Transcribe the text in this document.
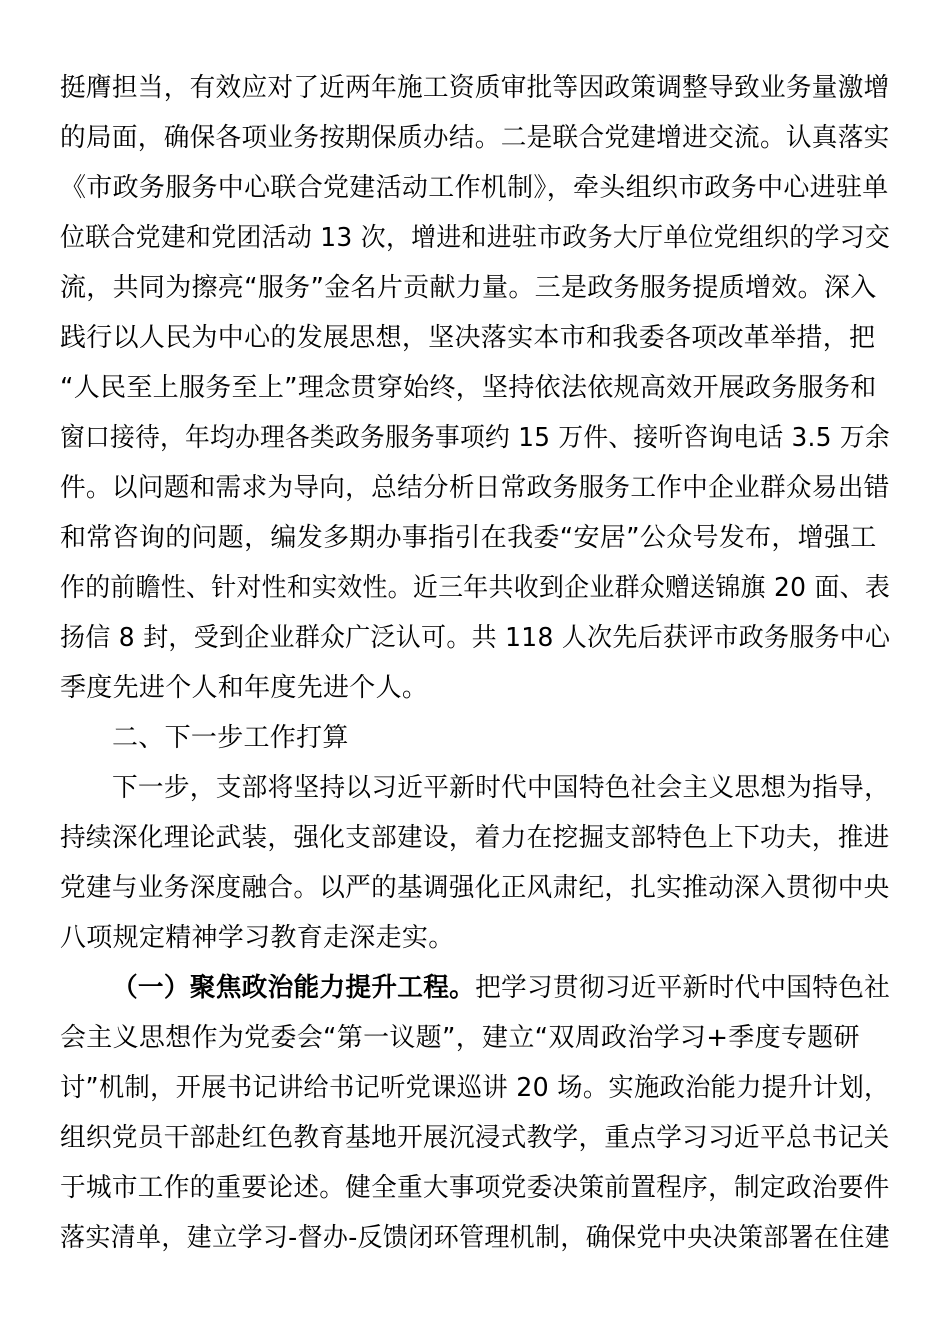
挺膺担当，有效应对了近两年施工资质审批等因政策调整导致业务量激增
的局面，确保各项业务按期保质办结。二是联合党建增进交流。认真落实
《市政务服务中心联合党建活动工作机制》，牵头组织市政务中心进驻单
位联合党建和党团活动 13 次，增进和进驻市政务大厅单位党组织的学习交
流，共同为擦亮“服务”金名片贡献力量。三是政务服务提质增效。深入
践行以人民为中心的发展思想，坚决落实本市和我委各项改革举措，把
“人民至上服务至上”理念贯穿始终，坚持依法依规高效开展政务服务和
窗口接待，年均办理各类政务服务事项约 15 万件、接听咨询电话 3.5 万余
件。以问题和需求为导向，总结分析日常政务服务工作中企业群众易出错
和常咨询的问题，编发多期办事指引在我委“安居”公众号发布，增强工
作的前瞻性、针对性和实效性。近三年共收到企业群众赠送锦旗 20 面、表
扬信 8 封，受到企业群众广泛认可。共 118 人次先后获评市政务服务中心
季度先进个人和年度先进个人。
二、下一步工作打算
下一步，支部将坚持以习近平新时代中国特色社会主义思想为指导，
持续深化理论武装，强化支部建设，着力在挖掘支部特色上下功夫，推进
党建与业务深度融合。以严的基调强化正风肃纪，扎实推动深入贯彻中央
八项规定精神学习教育走深走实。
（一）聚焦政治能力提升工程。把学习贯彻习近平新时代中国特色社
会主义思想作为党委会“第一议题”，建立“双周政治学习+季度专题研
讨”机制，开展书记讲给书记听党课巡讲 20 场。实施政治能力提升计划，
组织党员干部赴红色教育基地开展沉浸式教学，重点学习习近平总书记关
于城市工作的重要论述。健全重大事项党委决策前置程序，制定政治要件
落实清单，建立学习-督办-反馈闭环管理机制，确保党中央决策部署在住建
